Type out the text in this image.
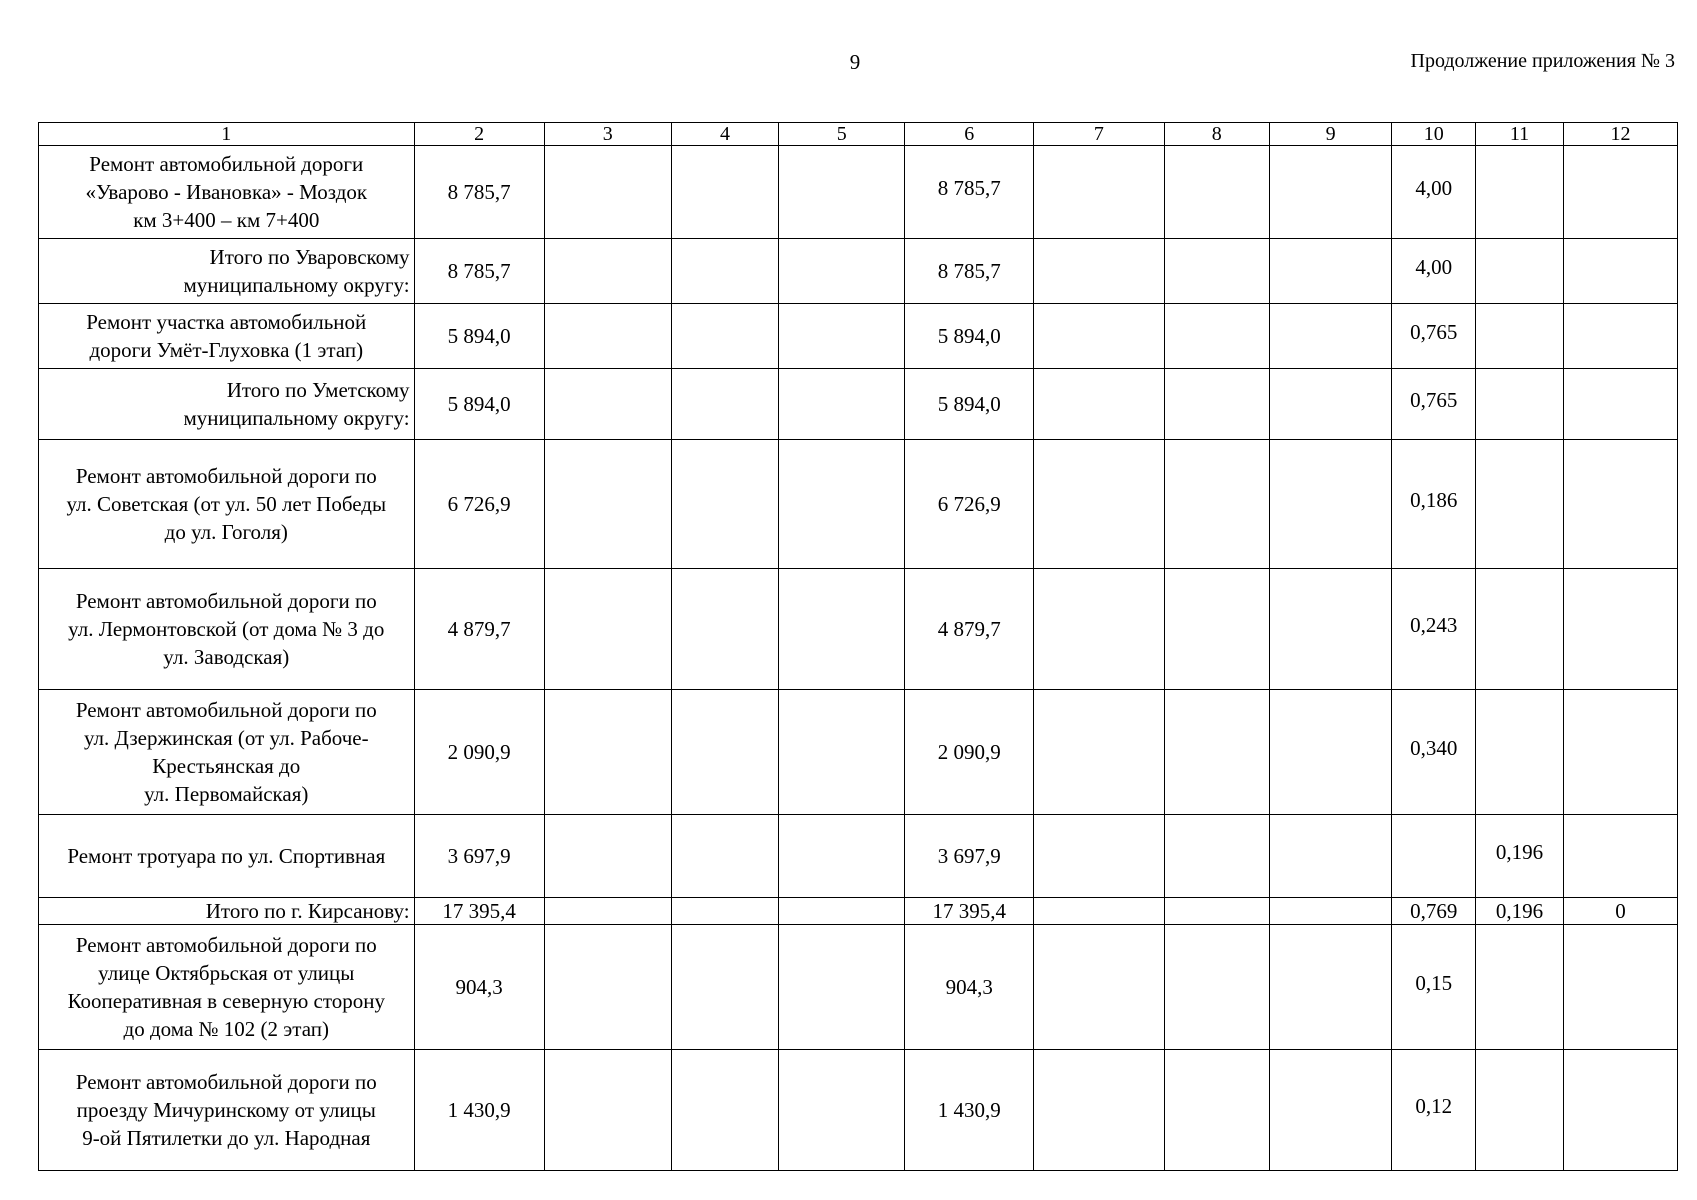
9	Продолжение приложения № 3
1	2	3	4	5	6	7	8	9	10	11	12

Ремонт автомобильной дороги
«Уварово - Ивановка» - Моздок
км 3+400 – км 7+400	8 785,7				8 785,7				4,00		

Итого по Уваровскому
муниципальному округу:	8 785,7				8 785,7				4,00		

Ремонт участка автомобильной
дороги Умёт-Глуховка (1 этап)	5 894,0				5 894,0				0,765		

Итого по Уметскому
муниципальному округу:	5 894,0				5 894,0				0,765		

Ремонт автомобильной дороги по
ул. Советская (от ул. 50 лет Победы
до ул. Гоголя)	6 726,9				6 726,9				0,186		

Ремонт автомобильной дороги по
ул. Лермонтовской (от дома № 3 до
ул. Заводская)	4 879,7				4 879,7				0,243		

Ремонт автомобильной дороги по
ул. Дзержинская (от ул. Рабоче-
Крестьянская до
ул. Первомайская)	2 090,9				2 090,9				0,340		

Ремонт тротуара по ул. Спортивная	3 697,9				3 697,9					0,196	

Итого по г. Кирсанову:	17 395,4				17 395,4				0,769	0,196	0

Ремонт автомобильной дороги по
улице Октябрьская от улицы
Кооперативная в северную сторону
до дома № 102 (2 этап)	904,3				904,3				0,15		

Ремонт автомобильной дороги по
проезду Мичуринскому от улицы
9-ой Пятилетки до ул. Народная	1 430,9				1 430,9				0,12		
